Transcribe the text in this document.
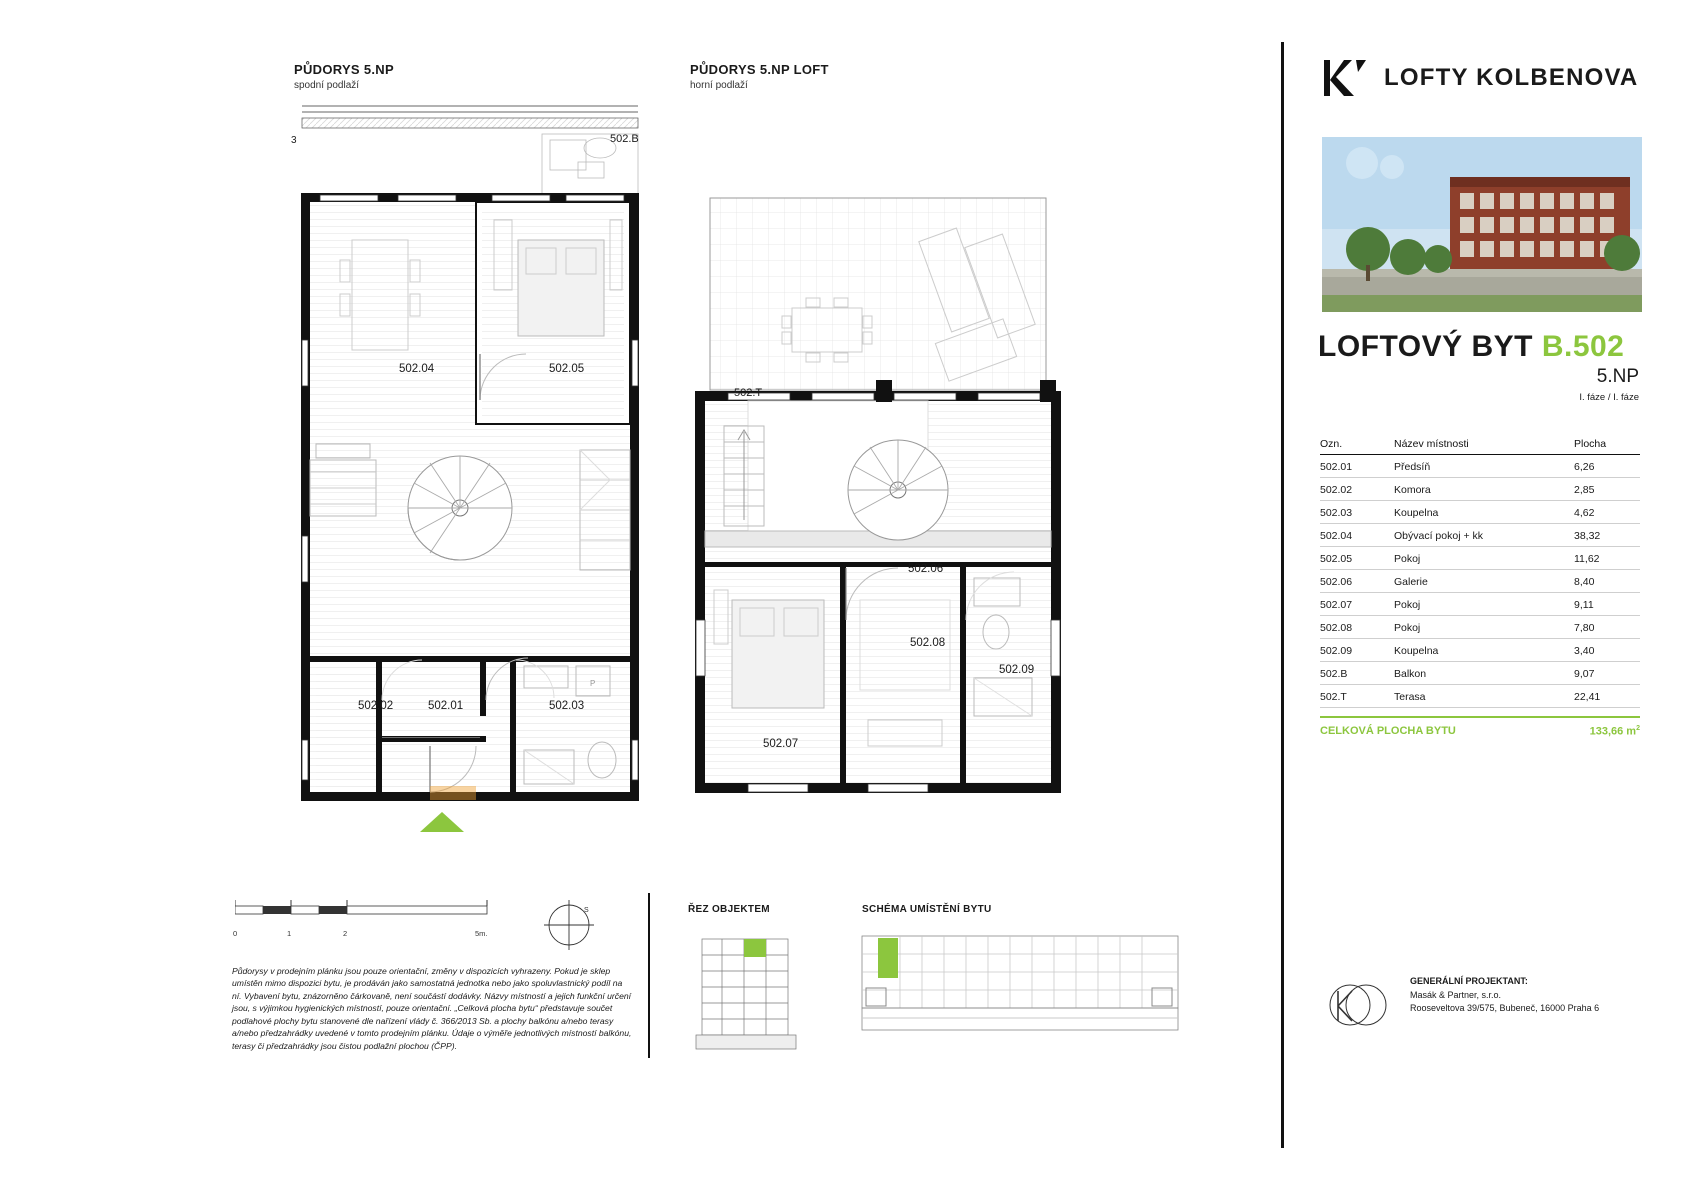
PŮDORYS 5.NP
spodní podlaží
PŮDORYS 5.NP LOFT
horní podlaží
P
502.B
502.04	502.05
502.02	502.01	502.03
3
502.T
502.06
502.08
502.09
502.07
0	1	2	5m.
S
Půdorysy v prodejním plánku jsou pouze orientační, změny v dispozicích vyhrazeny. Pokud je sklep umístěn mimo dispozici bytu, je prodáván jako samostatná jednotka nebo jako spoluvlastnický podíl na ní. Vybavení bytu, znázorněno čárkovaně, není součástí dodávky. Názvy místností a jejich funkční určení jsou, s výjimkou hygienických místností, pouze orientační. „Celková plocha bytu“ představuje součet podlahové plochy bytu stanovené dle nařízení vlády č. 366/2013 Sb. a plochy balkónu a/nebo terasy a/nebo předzahrádky uvedené v tomto prodejním plánku. Údaje o výměře jednotlivých místností balkónu, terasy či předzahrádky jsou čistou podlažní plochou (ČPP).
ŘEZ OBJEKTEM	SCHÉMA UMÍSTĚNÍ BYTU
LOFTY KOLBENOVA
LOFTOVÝ BYT B.502
5.NP
I. fáze / I. fáze
Ozn.	Název místnosti	Plocha
502.01	Předsíň	6,26
502.02	Komora	2,85
502.03	Koupelna	4,62
502.04	Obývací pokoj + kk	38,32
502.05	Pokoj	11,62
502.06	Galerie	8,40
502.07	Pokoj	9,11
502.08	Pokoj	7,80
502.09	Koupelna	3,40
502.B	Balkon	9,07
502.T	Terasa	22,41
CELKOVÁ PLOCHA BYTU	133,66 $m^2$
GENERÁLNÍ PROJEKTANT:
Masák & Partner, s.r.o.
Rooseveltova 39/575, Bubeneč, 16000 Praha 6
